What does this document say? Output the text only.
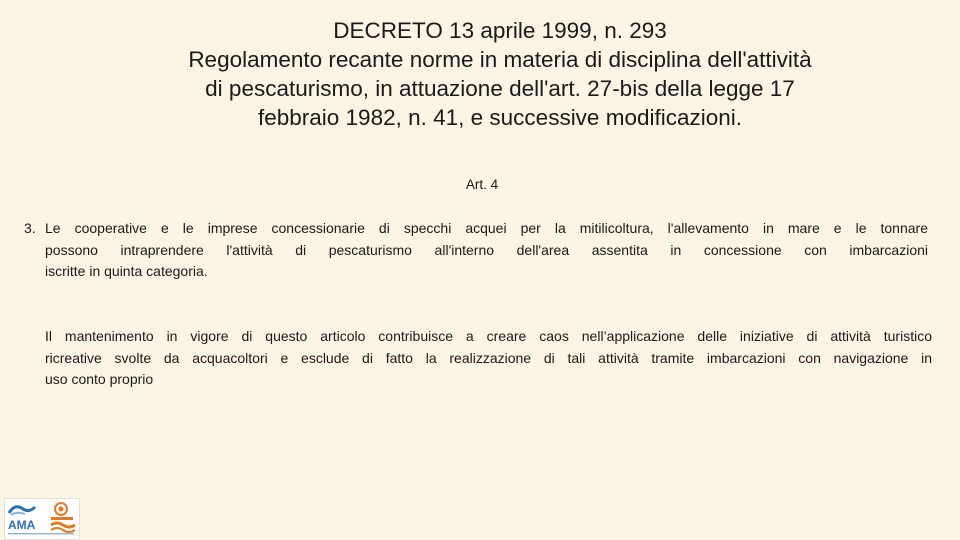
DECRETO 13 aprile 1999, n. 293
Regolamento recante norme in materia di disciplina dell'attività
di pescaturismo, in attuazione dell'art. 27-bis della legge 17
febbraio 1982, n. 41, e successive modificazioni.
Art. 4
3. Le cooperative e le imprese concessionarie di specchi acquei per la mitilicoltura, l'allevamento in mare e le tonnare
possono intraprendere l'attività di pescaturismo all'interno dell'area assentita in concessione con imbarcazioni
iscritte in quinta categoria.
Il mantenimento in vigore di questo articolo contribuisce a creare caos nell’applicazione delle iniziative di attività turistico
ricreative svolte da acquacoltori e esclude di fatto la realizzazione di tali attività tramite imbarcazioni con navigazione in
uso conto proprio
AMA
